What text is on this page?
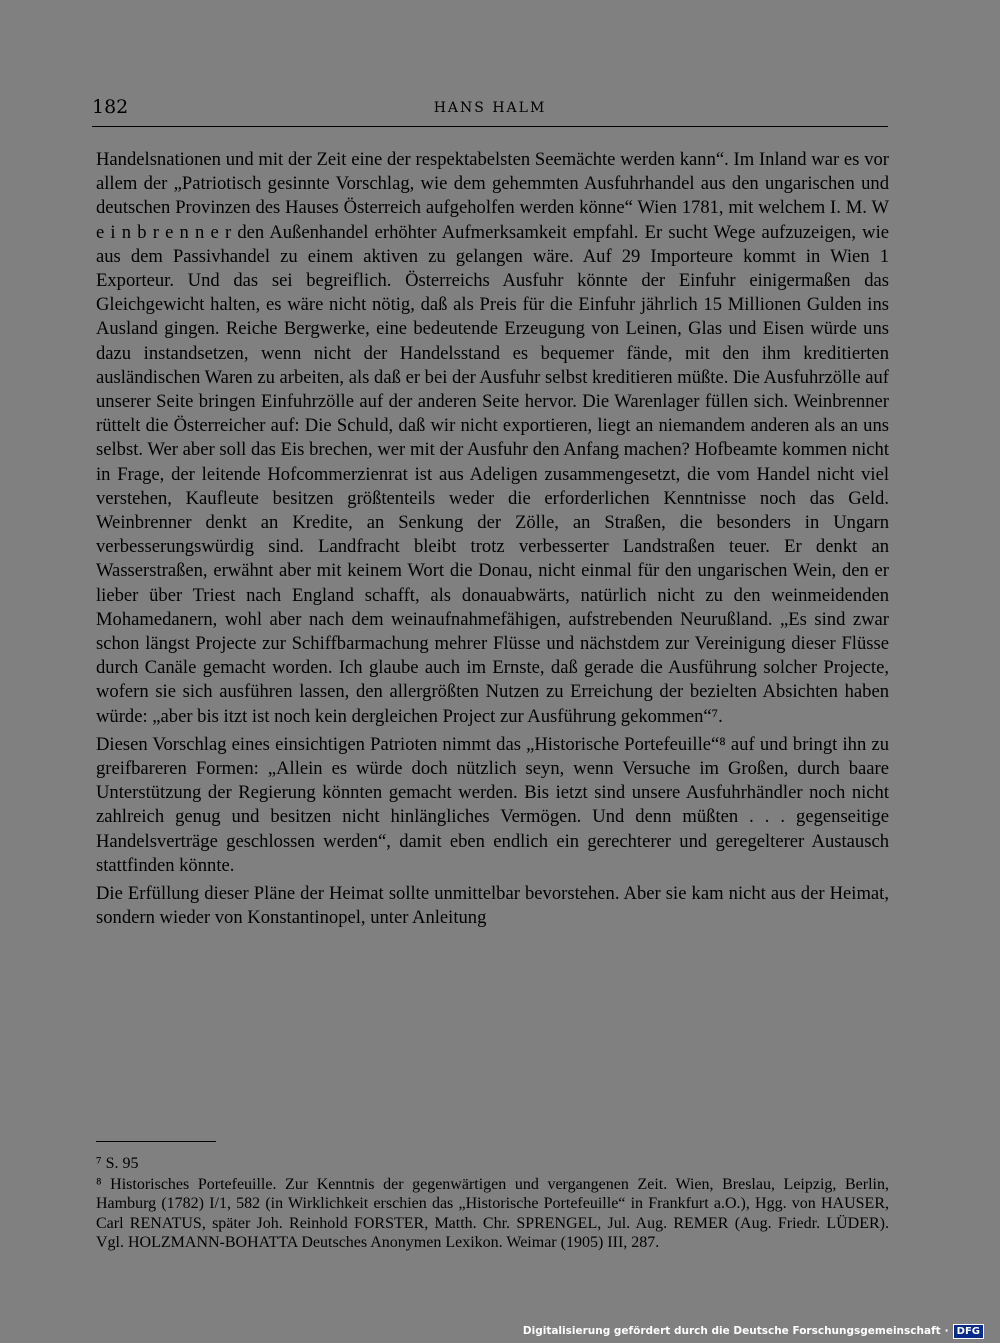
182	HANS HALM

Handelsnationen und mit der Zeit eine der respektabelsten Seemächte werden kann“. Im Inland war es vor allem der „Patriotisch gesinnte Vorschlag, wie dem gehemmten Ausfuhrhandel aus den ungarischen und deutschen Provinzen des Hauses Österreich aufgeholfen werden könne“ Wien 1781, mit welchem I. M. W e i n b r e n n e r den Außenhandel erhöhter Aufmerksamkeit empfahl. Er sucht Wege aufzuzeigen, wie aus dem Passivhandel zu einem aktiven zu gelangen wäre. Auf 29 Importeure kommt in Wien 1 Exporteur. Und das sei begreiflich. Österreichs Ausfuhr könnte der Einfuhr einigermaßen das Gleichgewicht halten, es wäre nicht nötig, daß als Preis für die Einfuhr jährlich 15 Millionen Gulden ins Ausland gingen. Reiche Bergwerke, eine bedeutende Erzeugung von Leinen, Glas und Eisen würde uns dazu instandsetzen, wenn nicht der Handelsstand es bequemer fände, mit den ihm kreditierten ausländischen Waren zu arbeiten, als daß er bei der Ausfuhr selbst kreditieren müßte. Die Ausfuhrzölle auf unserer Seite bringen Einfuhrzölle auf der anderen Seite hervor. Die Warenlager füllen sich. Weinbrenner rüttelt die Österreicher auf: Die Schuld, daß wir nicht exportieren, liegt an niemandem anderen als an uns selbst. Wer aber soll das Eis brechen, wer mit der Ausfuhr den Anfang machen? Hofbeamte kommen nicht in Frage, der leitende Hofcommerzienrat ist aus Adeligen zusammengesetzt, die vom Handel nicht viel verstehen, Kaufleute besitzen größtenteils weder die erforderlichen Kenntnisse noch das Geld. Weinbrenner denkt an Kredite, an Senkung der Zölle, an Straßen, die besonders in Ungarn verbesserungswürdig sind. Landfracht bleibt trotz verbesserter Landstraßen teuer. Er denkt an Wasserstraßen, erwähnt aber mit keinem Wort die Donau, nicht einmal für den ungarischen Wein, den er lieber über Triest nach England schafft, als donauabwärts, natürlich nicht zu den weinmeidenden Mohamedanern, wohl aber nach dem weinaufnahmefähigen, aufstrebenden Neurußland. „Es sind zwar schon längst Projecte zur Schiffbarmachung mehrer Flüsse und nächstdem zur Vereinigung dieser Flüsse durch Canäle gemacht worden. Ich glaube auch im Ernste, daß gerade die Ausführung solcher Projecte, wofern sie sich ausführen lassen, den allergrößten Nutzen zu Erreichung der bezielten Absichten haben würde: „aber bis itzt ist noch kein dergleichen Project zur Ausführung gekommen“⁷.

Diesen Vorschlag eines einsichtigen Patrioten nimmt das „Historische Portefeuille“⁸ auf und bringt ihn zu greifbareren Formen: „Allein es würde doch nützlich seyn, wenn Versuche im Großen, durch baare Unterstützung der Regierung könnten gemacht werden. Bis ietzt sind unsere Ausfuhrhändler noch nicht zahlreich genug und besitzen nicht hinlängliches Vermögen. Und denn müßten . . . gegenseitige Handelsverträge geschlossen werden“, damit eben endlich ein gerechterer und geregelterer Austausch stattfinden könnte.

Die Erfüllung dieser Pläne der Heimat sollte unmittelbar bevorstehen. Aber sie kam nicht aus der Heimat, sondern wieder von Konstantinopel, unter Anleitung

⁷ S. 95

⁸ Historisches Portefeuille. Zur Kenntnis der gegenwärtigen und vergangenen Zeit. Wien, Breslau, Leipzig, Berlin, Hamburg (1782) I/1, 582 (in Wirklichkeit erschien das „Historische Portefeuille“ in Frankfurt a.O.), Hgg. von HAUSER, Carl RENATUS, später Joh. Reinhold FORSTER, Matth. Chr. SPRENGEL, Jul. Aug. REMER (Aug. Friedr. LÜDER). Vgl. HOLZMANN-BOHATTA Deutsches Anonymen Lexikon. Weimar (1905) III, 287.

Digitalisierung gefördert durch die Deutsche Forschungsgemeinschaft · DFG
